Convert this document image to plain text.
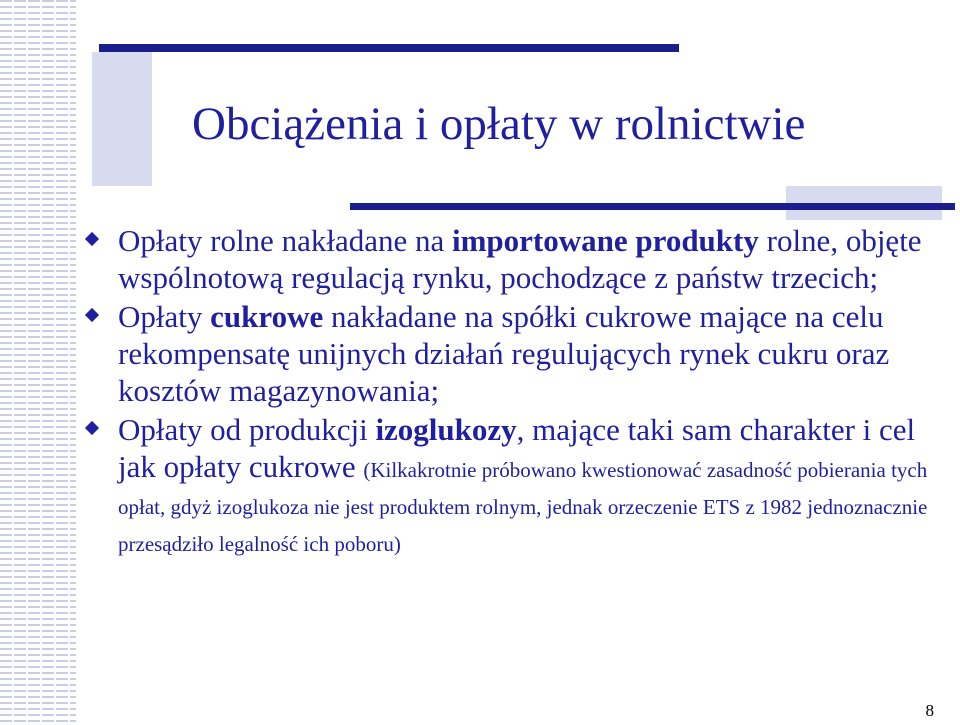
Obciążenia i opłaty w rolnictwie
Opłaty rolne nakładane na importowane produkty rolne, objęte wspólnotową regulacją rynku, pochodzące z państw trzecich;
Opłaty cukrowe nakładane na spółki cukrowe mające na celu rekompensatę unijnych działań regulujących rynek cukru oraz kosztów magazynowania;
Opłaty od produkcji izoglukozy, mające taki sam charakter i cel jak opłaty cukrowe (Kilkakrotnie próbowano kwestionować zasadność pobierania tych opłat, gdyż izoglukoza nie jest produktem rolnym, jednak orzeczenie ETS z 1982 jednoznacznie przesądziło legalność ich poboru)
8
